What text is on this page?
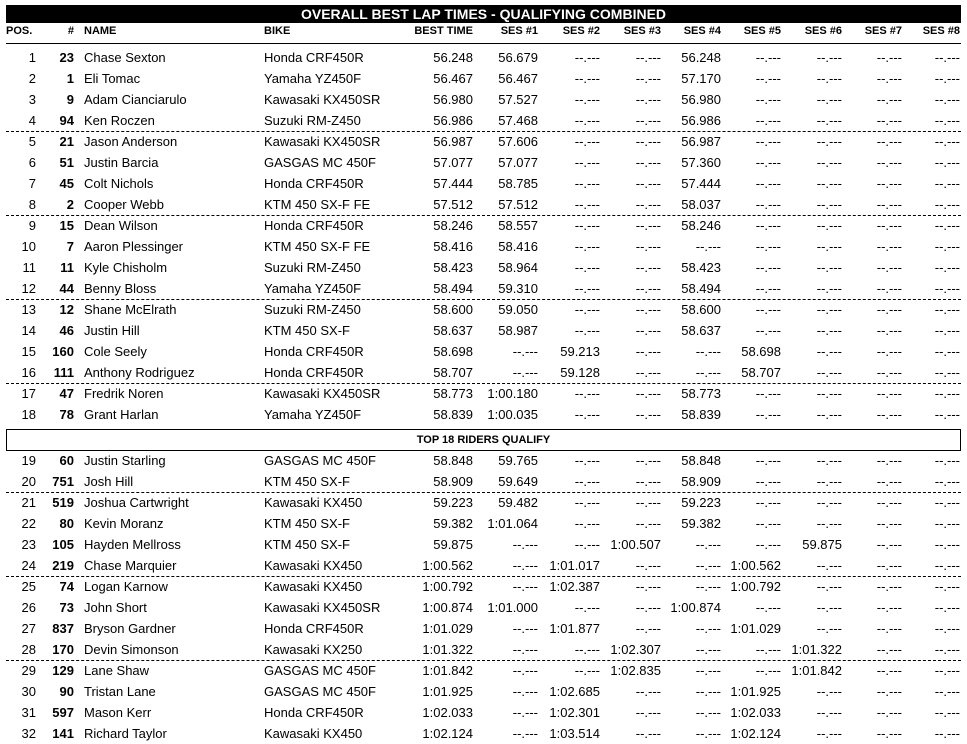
OVERALL BEST LAP TIMES - QUALIFYING COMBINED
POS.	# NAME	BIKE	BEST TIME	SES #1	SES #2	SES #3	SES #4	SES #5	SES #6	SES #7	SES #8
1	23 Chase Sexton	Honda CRF450R	56.248	56.679	--.---	--.---	56.248	--.---	--.---	--.---	--.---
2	1 Eli Tomac	Yamaha YZ450F	56.467	56.467	--.---	--.---	57.170	--.---	--.---	--.---	--.---
3	9 Adam Cianciarulo	Kawasaki KX450SR	56.980	57.527	--.---	--.---	56.980	--.---	--.---	--.---	--.---
4	94 Ken Roczen	Suzuki RM-Z450	56.986	57.468	--.---	--.---	56.986	--.---	--.---	--.---	--.---
5	21 Jason Anderson	Kawasaki KX450SR	56.987	57.606	--.---	--.---	56.987	--.---	--.---	--.---	--.---
6	51 Justin Barcia	GASGAS MC 450F	57.077	57.077	--.---	--.---	57.360	--.---	--.---	--.---	--.---
7	45 Colt Nichols	Honda CRF450R	57.444	58.785	--.---	--.---	57.444	--.---	--.---	--.---	--.---
8	2 Cooper Webb	KTM 450 SX-F FE	57.512	57.512	--.---	--.---	58.037	--.---	--.---	--.---	--.---
9	15 Dean Wilson	Honda CRF450R	58.246	58.557	--.---	--.---	58.246	--.---	--.---	--.---	--.---
10	7 Aaron Plessinger	KTM 450 SX-F FE	58.416	58.416	--.---	--.---	--.---	--.---	--.---	--.---	--.---
11	11 Kyle Chisholm	Suzuki RM-Z450	58.423	58.964	--.---	--.---	58.423	--.---	--.---	--.---	--.---
12	44 Benny Bloss	Yamaha YZ450F	58.494	59.310	--.---	--.---	58.494	--.---	--.---	--.---	--.---
13	12 Shane McElrath	Suzuki RM-Z450	58.600	59.050	--.---	--.---	58.600	--.---	--.---	--.---	--.---
14	46 Justin Hill	KTM 450 SX-F	58.637	58.987	--.---	--.---	58.637	--.---	--.---	--.---	--.---
15	160 Cole Seely	Honda CRF450R	58.698	--.---	59.213	--.---	--.---	58.698	--.---	--.---	--.---
16	111 Anthony Rodriguez	Honda CRF450R	58.707	--.---	59.128	--.---	--.---	58.707	--.---	--.---	--.---
17	47 Fredrik Noren	Kawasaki KX450SR	58.773 1:00.180	--.---	--.---	58.773	--.---	--.---	--.---	--.---
18	78 Grant Harlan	Yamaha YZ450F	58.839 1:00.035	--.---	--.---	58.839	--.---	--.---	--.---	--.---
19	60 Justin Starling	GASGAS MC 450F	58.848	59.765	--.---	--.---	58.848	--.---	--.---	--.---	--.---
20	751 Josh Hill	KTM 450 SX-F	58.909	59.649	--.---	--.---	58.909	--.---	--.---	--.---	--.---
21	519 Joshua Cartwright	Kawasaki KX450	59.223	59.482	--.---	--.---	59.223	--.---	--.---	--.---	--.---
22	80 Kevin Moranz	KTM 450 SX-F	59.382 1:01.064	--.---	--.---	59.382	--.---	--.---	--.---	--.---
23	105 Hayden Mellross	KTM 450 SX-F	59.875	--.---	--.--- 1:00.507	--.---	--.---	59.875	--.---	--.---
24	219 Chase Marquier	Kawasaki KX450	1:00.562	--.--- 1:01.017	--.---	--.--- 1:00.562	--.---	--.---	--.---
25	74 Logan Karnow	Kawasaki KX450	1:00.792	--.--- 1:02.387	--.---	--.--- 1:00.792	--.---	--.---	--.---
26	73 John Short	Kawasaki KX450SR	1:00.874 1:01.000	--.---	--.--- 1:00.874	--.---	--.---	--.---	--.---
27	837 Bryson Gardner	Honda CRF450R	1:01.029	--.--- 1:01.877	--.---	--.--- 1:01.029	--.---	--.---	--.---
28	170 Devin Simonson	Kawasaki KX250	1:01.322	--.---	--.--- 1:02.307	--.---	--.--- 1:01.322	--.---	--.---
29	129 Lane Shaw	GASGAS MC 450F	1:01.842	--.---	--.--- 1:02.835	--.---	--.--- 1:01.842	--.---	--.---
30	90 Tristan Lane	GASGAS MC 450F	1:01.925	--.--- 1:02.685	--.---	--.--- 1:01.925	--.---	--.---	--.---
31	597 Mason Kerr	Honda CRF450R	1:02.033	--.--- 1:02.301	--.---	--.--- 1:02.033	--.---	--.---	--.---
32	141 Richard Taylor	Kawasaki KX450	1:02.124	--.--- 1:03.514	--.---	--.--- 1:02.124	--.---	--.---	--.---
TOP 18 RIDERS QUALIFY
